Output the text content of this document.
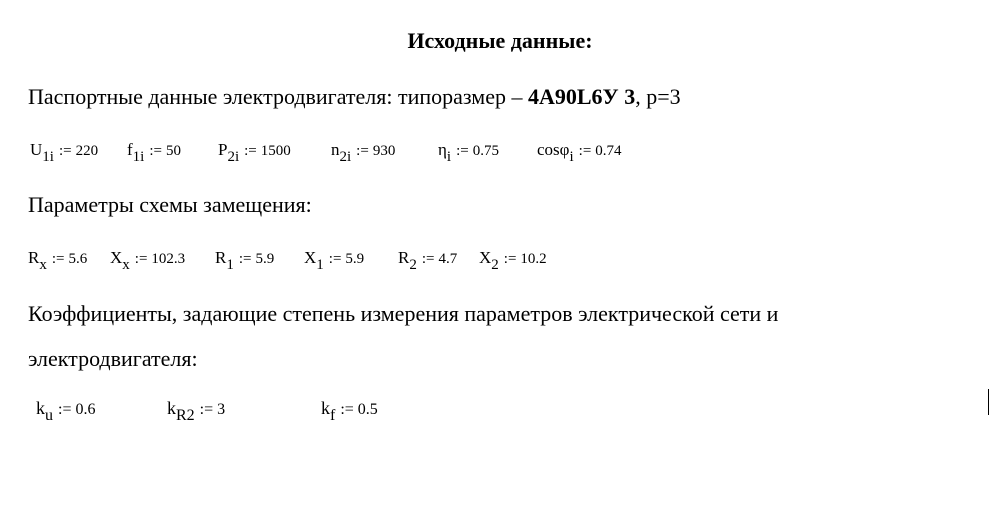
Исходные данные:
Паспортные данные электродвигателя: типоразмер – 4А90L6У 3, р=3
$U_{1i}$ := 220 $f_{1i}$ := 50 $P_{2i}$ := 1500 $n_{2i}$ := 930	$\eta_i$ := 0.75 cosφ$_i$ := 0.74
Параметры схемы замещения:
$R_x$ := 5.6 $X_x$ := 102.3 $R_1$ := 5.9 $X_1$ := 5.9 $R_2$ := 4.7 $X_2$ := 10.2
Коэффициенты, задающие степень измерения параметров электрической сети и
электродвигателя:
$k_u$ := 0.6	$k_{R2}$ := 3	$k_f$ := 0.5
